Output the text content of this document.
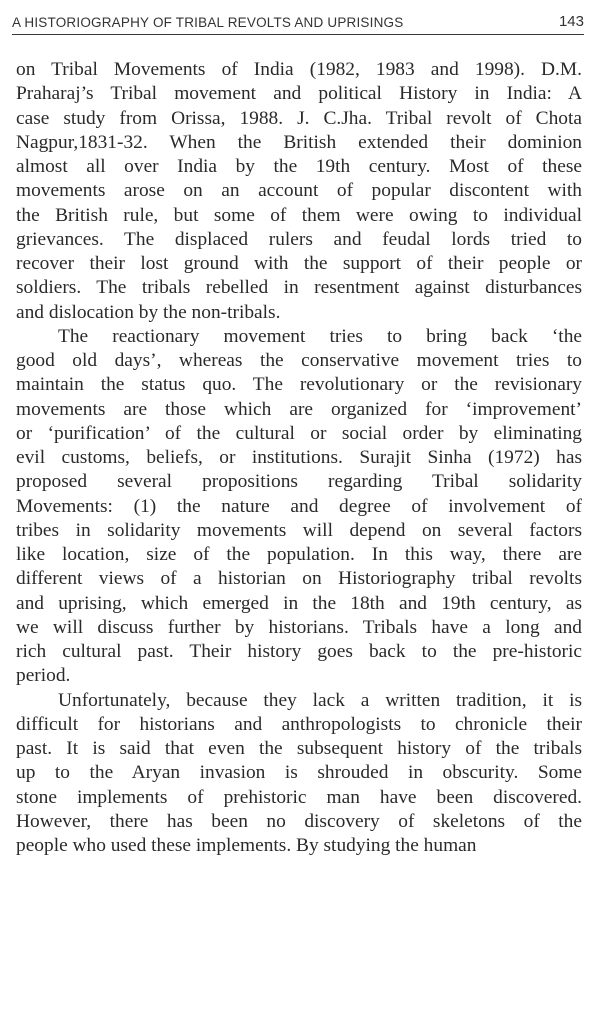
A HISTORIOGRAPHY OF TRIBAL REVOLTS AND UPRISINGS	143
on Tribal Movements of India (1982, 1983 and 1998). D.M.
Praharaj’s Tribal movement and political History in India: A
case study from Orissa, 1988. J. C.Jha. Tribal revolt of Chota
Nagpur,1831-32. When the British extended their dominion
almost all over India by the 19th century. Most of these
movements arose on an account of popular discontent with
the British rule, but some of them were owing to individual
grievances. The displaced rulers and feudal lords tried to
recover their lost ground with the support of their people or
soldiers. The tribals rebelled in resentment against disturbances
and dislocation by the non-tribals.
The reactionary movement tries to bring back ‘the
good old days’, whereas the conservative movement tries to
maintain the status quo. The revolutionary or the revisionary
movements are those which are organized for ‘improvement’
or ‘purification’ of the cultural or social order by eliminating
evil customs, beliefs, or institutions. Surajit Sinha (1972) has
proposed several propositions regarding Tribal solidarity
Movements: (1) the nature and degree of involvement of
tribes in solidarity movements will depend on several factors
like location, size of the population. In this way, there are
different views of a historian on Historiography tribal revolts
and uprising, which emerged in the 18th and 19th century, as
we will discuss further by historians. Tribals have a long and
rich cultural past. Their history goes back to the pre-historic
period.
Unfortunately, because they lack a written tradition, it is
difficult for historians and anthropologists to chronicle their
past. It is said that even the subsequent history of the tribals
up to the Aryan invasion is shrouded in obscurity. Some
stone implements of prehistoric man have been discovered.
However, there has been no discovery of skeletons of the
people who used these implements. By studying the human
